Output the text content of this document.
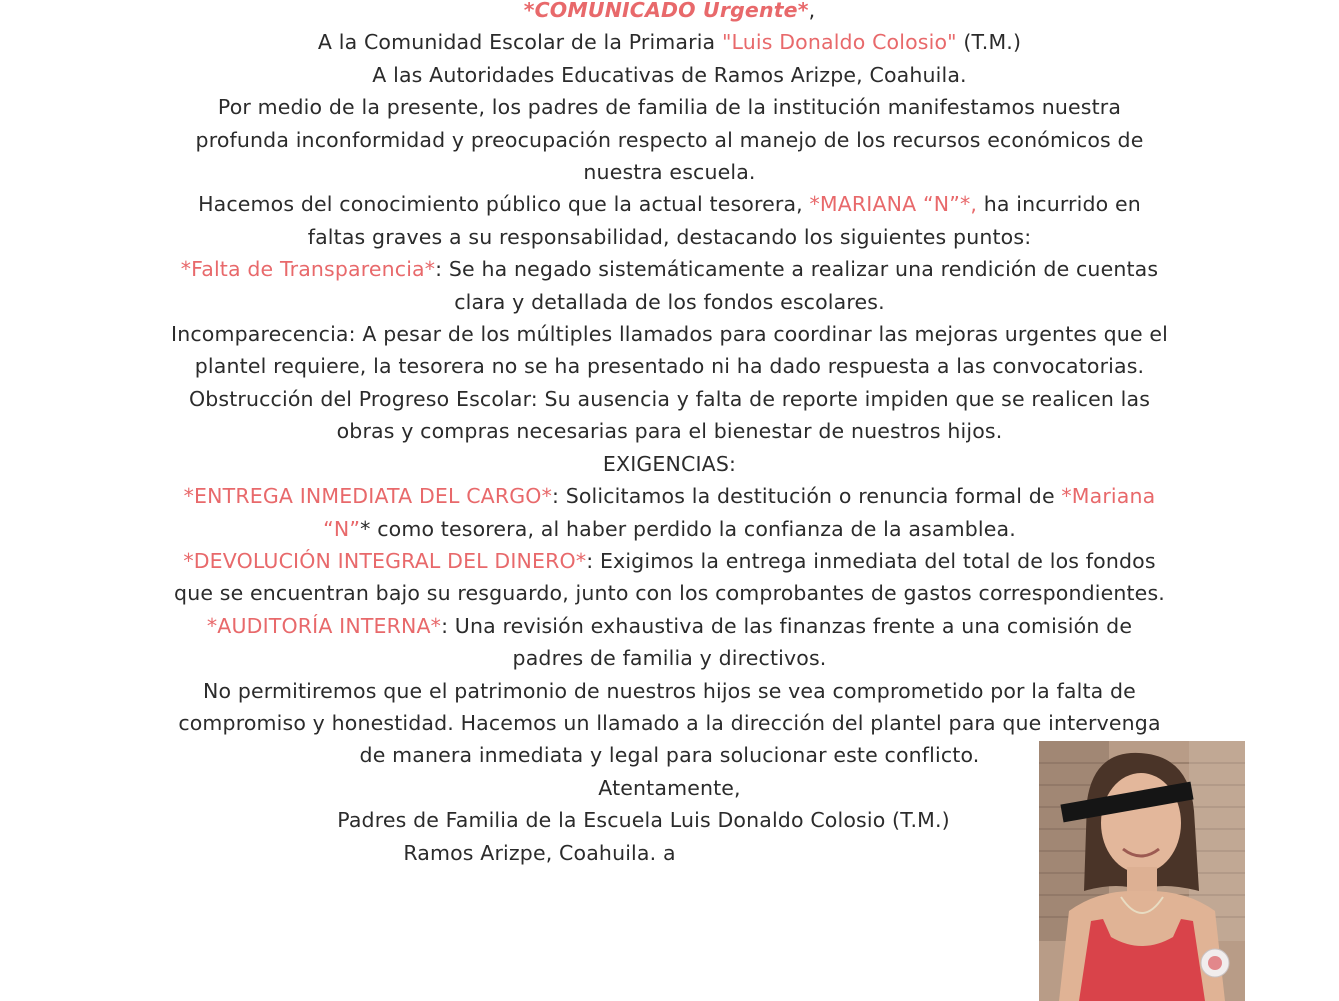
*COMUNICADO Urgente*,
A la Comunidad Escolar de la Primaria "Luis Donaldo Colosio" (T.M.)
A las Autoridades Educativas de Ramos Arizpe, Coahuila.
Por medio de la presente, los padres de familia de la institución manifestamos nuestra
profunda inconformidad y preocupación respecto al manejo de los recursos económicos de
nuestra escuela.
Hacemos del conocimiento público que la actual tesorera, *MARIANA “N”*, ha incurrido en
faltas graves a su responsabilidad, destacando los siguientes puntos:
*Falta de Transparencia*: Se ha negado sistemáticamente a realizar una rendición de cuentas
clara y detallada de los fondos escolares.
Incomparecencia: A pesar de los múltiples llamados para coordinar las mejoras urgentes que el
plantel requiere, la tesorera no se ha presentado ni ha dado respuesta a las convocatorias.
Obstrucción del Progreso Escolar: Su ausencia y falta de reporte impiden que se realicen las
obras y compras necesarias para el bienestar de nuestros hijos.
EXIGENCIAS:
*ENTREGA INMEDIATA DEL CARGO*: Solicitamos la destitución o renuncia formal de *Mariana
“N”* como tesorera, al haber perdido la confianza de la asamblea.
*DEVOLUCIÓN INTEGRAL DEL DINERO*: Exigimos la entrega inmediata del total de los fondos
que se encuentran bajo su resguardo, junto con los comprobantes de gastos correspondientes.
*AUDITORÍA INTERNA*: Una revisión exhaustiva de las finanzas frente a una comisión de
padres de familia y directivos.
No permitiremos que el patrimonio de nuestros hijos se vea comprometido por la falta de
compromiso y honestidad. Hacemos un llamado a la dirección del plantel para que intervenga
de manera inmediata y legal para solucionar este conflicto.
Atentamente,
Padres de Familia de la Escuela Luis Donaldo Colosio (T.M.)
Ramos Arizpe, Coahuila. a
